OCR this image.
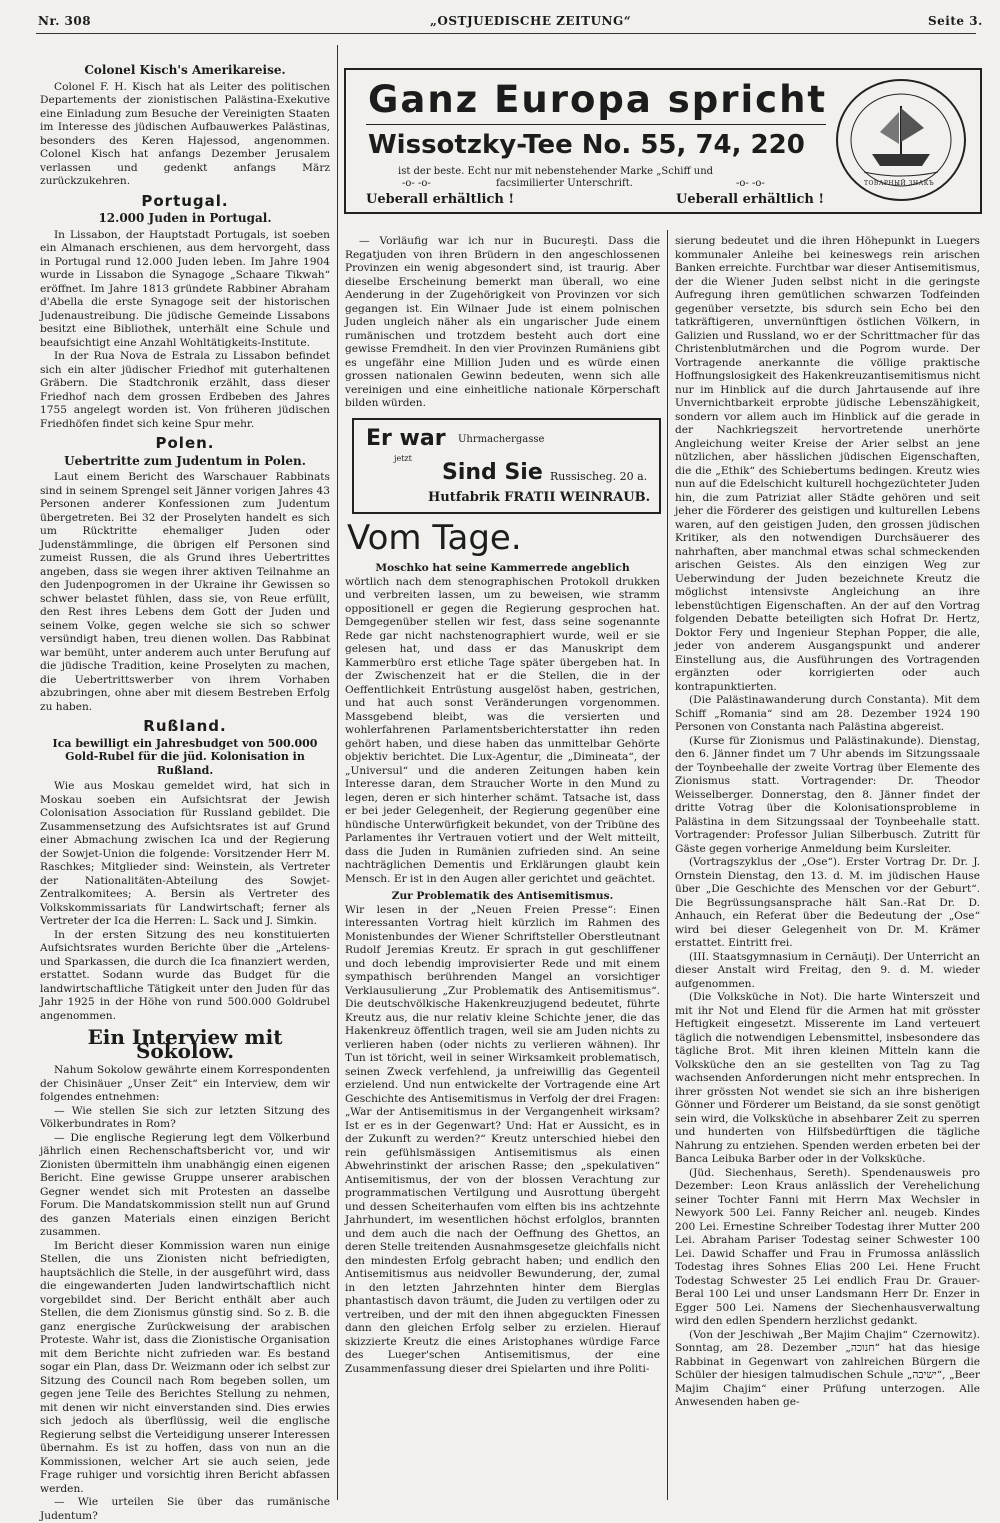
Nr. 308	„OSTJUEDISCHE ZEITUNG“	Seite 3.
Colonel Kisch's Amerikareise.

Colonel F. H. Kisch hat als Leiter des politischen Departements der zionistischen Palästina-Exekutive eine Einladung zum Besuche der Vereinigten Staaten im Interesse des jüdischen Aufbauwerkes Palästinas, besonders des Keren Hajessod, angenommen. Colonel Kisch hat anfangs Dezember Jerusalem verlassen und gedenkt anfangs März zurückzukehren.

Portugal.
12.000 Juden in Portugal.

In Lissabon, der Hauptstadt Portugals, ist soeben ein Almanach erschienen, aus dem hervorgeht, dass in Portugal rund 12.000 Juden leben. Im Jahre 1904 wurde in Lissabon die Synagoge „Schaare Tikwah“ eröffnet. Im Jahre 1813 gründete Rabbiner Abraham d'Abella die erste Synagoge seit der historischen Judenaustreibung. Die jüdische Gemeinde Lissabons besitzt eine Bibliothek, unterhält eine Schule und beaufsichtigt eine Anzahl Wohltätigkeits-Institute.

In der Rua Nova de Estrala zu Lissabon befindet sich ein alter jüdischer Friedhof mit guterhaltenen Gräbern. Die Stadtchronik erzählt, dass dieser Friedhof nach dem grossen Erdbeben des Jahres 1755 angelegt worden ist. Von früheren jüdischen Friedhöfen findet sich keine Spur mehr.

Polen.
Uebertritte zum Judentum in Polen.

Laut einem Bericht des Warschauer Rabbinats sind in seinem Sprengel seit Jänner vorigen Jahres 43 Personen anderer Konfessionen zum Judentum übergetreten. Bei 32 der Proselyten handelt es sich um Rücktritte ehemaliger Juden oder Judenstämmlinge, die übrigen elf Personen sind zumeist Russen, die als Grund ihres Uebertrittes angeben, dass sie wegen ihrer aktiven Teilnahme an den Judenpogromen in der Ukraine ihr Gewissen so schwer belastet fühlen, dass sie, von Reue erfüllt, den Rest ihres Lebens dem Gott der Juden und seinem Volke, gegen welche sie sich so schwer versündigt haben, treu dienen wollen. Das Rabbinat war bemüht, unter anderem auch unter Berufung auf die jüdische Tradition, keine Proselyten zu machen, die Uebertrittswerber von ihrem Vorhaben abzubringen, ohne aber mit diesem Bestreben Erfolg zu haben.

Rußland.
Ica bewilligt ein Jahresbudget von 500.000 Gold-Rubel für die jüd. Kolonisation in Rußland.

Wie aus Moskau gemeldet wird, hat sich in Moskau soeben ein Aufsichtsrat der Jewish Colonisation Association für Russland gebildet. Die Zusammensetzung des Aufsichtsrates ist auf Grund einer Abmachung zwischen Ica und der Regierung der Sowjet-Union die folgende: Vorsitzender Herr M. Raschkes; Mitglieder sind: Weinstein, als Vertreter der Nationalitäten-Abteilung des Sowjet-Zentralkomitees; A. Bersin als Vertreter des Volkskommissariats für Landwirtschaft; ferner als Vertreter der Ica die Herren: L. Sack und J. Simkin.

In der ersten Sitzung des neu konstituierten Aufsichtsrates wurden Berichte über die „Artelens- und Sparkassen, die durch die Ica finanziert werden, erstattet. Sodann wurde das Budget für die landwirtschaftliche Tätigkeit unter den Juden für das Jahr 1925 in der Höhe von rund 500.000 Goldrubel angenommen.

Ein Interview mit Sokolow.

Nahum Sokolow gewährte einem Korrespondenten der Chisinäuer „Unser Zeit“ ein Interview, dem wir folgendes entnehmen:

— Wie stellen Sie sich zur letzten Sitzung des Völkerbundrates in Rom?

— Die englische Regierung legt dem Völkerbund jährlich einen Rechenschaftsbericht vor, und wir Zionisten übermitteln ihm unabhängig einen eigenen Bericht. Eine gewisse Gruppe unserer arabischen Gegner wendet sich mit Protesten an dasselbe Forum. Die Mandatskommission stellt nun auf Grund des ganzen Materials einen einzigen Bericht zusammen.

Im Bericht dieser Kommission waren nun einige Stellen, die uns Zionisten nicht befriedigten, hauptsächlich die Stelle, in der ausgeführt wird, dass die eingewanderten Juden landwirtschaftlich nicht vorgebildet sind. Der Bericht enthält aber auch Stellen, die dem Zionismus günstig sind. So z. B. die ganz energische Zurückweisung der arabischen Proteste. Wahr ist, dass die Zionistische Organisation mit dem Berichte nicht zufrieden war. Es bestand sogar ein Plan, dass Dr. Weizmann oder ich selbst zur Sitzung des Council nach Rom begeben sollen, um gegen jene Teile des Berichtes Stellung zu nehmen, mit denen wir nicht einverstanden sind. Dies erwies sich jedoch als überflüssig, weil die englische Regierung selbst die Verteidigung unserer Interessen übernahm. Es ist zu hoffen, dass von nun an die Kommissionen, welcher Art sie auch seien, jede Frage ruhiger und vorsichtig ihren Bericht abfassen werden.

— Wie urteilen Sie über das rumänische Judentum?

Ganz Europa spricht
Wissotzky-Tee No. 55, 74, 220
ist der beste. Echt nur mit nebenstehender Marke „Schiff und
-o- -o-	facsimilierter Unterschrift.	-o- -o-
Ueberall erhältlich !	Ueberall erhältlich !
ТОВАРНЫЙ ЗНАКЪ

— Vorläufig war ich nur in Bucureşti. Dass die Regatjuden von ihren Brüdern in den angeschlossenen Provinzen ein wenig abgesondert sind, ist traurig. Aber dieselbe Erscheinung bemerkt man überall, wo eine Aenderung in der Zugehörigkeit von Provinzen vor sich gegangen ist. Ein Wilnaer Jude ist einem polnischen Juden ungleich näher als ein ungarischer Jude einem rumänischen und trotzdem besteht auch dort eine gewisse Fremdheit. In den vier Provinzen Rumäniens gibt es ungefähr eine Million Juden und es würde einen grossen nationalen Gewinn bedeuten, wenn sich alle vereinigen und eine einheitliche nationale Körperschaft bilden würden.

Er war Uhrmachergasse
jetzt
Sind Sie Russischeg. 20 a.
Hutfabrik FRATII WEINRAUB.
Vom Tage.

Moschko hat seine Kammerrede angeblich

wörtlich nach dem stenographischen Protokoll drukken und verbreiten lassen, um zu beweisen, wie stramm oppositionell er gegen die Regierung gesprochen hat. Demgegenüber stellen wir fest, dass seine sogenannte Rede gar nicht nachstenographiert wurde, weil er sie gelesen hat, und dass er das Manuskript dem Kammerbüro erst etliche Tage später übergeben hat. In der Zwischenzeit hat er die Stellen, die in der Oeffentlichkeit Entrüstung ausgelöst haben, gestrichen, und hat auch sonst Veränderungen vorgenommen. Massgebend bleibt, was die versierten und wohlerfahrenen Parlamentsberichterstatter ihn reden gehört haben, und diese haben das unmittelbar Gehörte objektiv berichtet. Die Lux-Agentur, die „Dimineata“, der „Universul“ und die anderen Zeitungen haben kein Interesse daran, dem Straucher Worte in den Mund zu legen, deren er sich hinterher schämt. Tatsache ist, dass er bei jeder Gelegenheit, der Regierung gegenüber eine hündische Unterwürfigkeit bekundet, von der Tribüne des Parlamentes ihr Vertrauen votiert und der Welt mitteilt, dass die Juden in Rumänien zufrieden sind. An seine nachträglichen Dementis und Erklärungen glaubt kein Mensch. Er ist in den Augen aller gerichtet und geächtet.

Zur Problematik des Antisemitismus.

Wir lesen in der „Neuen Freien Presse“: Einen interessanten Vortrag hielt kürzlich im Rahmen des Monistenbundes der Wiener Schriftsteller Oberstleutnant Rudolf Jeremias Kreutz. Er sprach in gut geschliffener und doch lebendig improvisierter Rede und mit einem sympathisch berührenden Mangel an vorsichtiger Verklausulierung „Zur Problematik des Antisemitismus“. Die deutschvölkische Hakenkreuzjugend bedeutet, führte Kreutz aus, die nur relativ kleine Schichte jener, die das Hakenkreuz öffentlich tragen, weil sie am Juden nichts zu verlieren haben (oder nichts zu verlieren wähnen). Ihr Tun ist töricht, weil in seiner Wirksamkeit problematisch, seinen Zweck verfehlend, ja unfreiwillig das Gegenteil erzielend. Und nun entwickelte der Vortragende eine Art Geschichte des Antisemitismus in Verfolg der drei Fragen: „War der Antisemitismus in der Vergangenheit wirksam? Ist er es in der Gegenwart? Und: Hat er Aussicht, es in der Zukunft zu werden?“ Kreutz unterschied hiebei den rein gefühlsmässigen Antisemitismus als einen Abwehrinstinkt der arischen Rasse; den „spekulativen“ Antisemitismus, der von der blossen Verachtung zur programmatischen Vertilgung und Ausrottung übergeht und dessen Scheiterhaufen vom elften bis ins achtzehnte Jahrhundert, im wesentlichen höchst erfolglos, brannten und dem auch die nach der Oeffnung des Ghettos, an deren Stelle treitenden Ausnahmsgesetze gleichfalls nicht den mindesten Erfolg gebracht haben; und endlich den Antisemitismus aus neidvoller Bewunderung, der, zumal in den letzten Jahrzehnten hinter dem Bierglas phantastisch davon träumt, die Juden zu vertilgen oder zu vertreiben, und der mit den ihnen abgeguckten Finessen dann den gleichen Erfolg selber zu erzielen. Hierauf skizzierte Kreutz die eines Aristophanes würdige Farce des Lueger'schen Antisemitismus, der eine Zusammenfassung dieser drei Spielarten und ihre Politi-

sierung bedeutet und die ihren Höhepunkt in Luegers kommunaler Anleihe bei keineswegs rein arischen Banken erreichte. Furchtbar war dieser Antisemitismus, der die Wiener Juden selbst nicht in die geringste Aufregung ihren gemütlichen schwarzen Todfeinden gegenüber versetzte, bis sdurch sein Echo bei den tatkräftigeren, unvernünftigen östlichen Völkern, in Galizien und Russland, wo er der Schrittmacher für das Christenblutmärchen und die Pogrom wurde. Der Vortragende anerkannte die völlige praktische Hoffnungslosigkeit des Hakenkreuzantisemitismus nicht nur im Hinblick auf die durch Jahrtausende auf ihre Unvernichtbarkeit erprobte jüdische Lebenszähigkeit, sondern vor allem auch im Hinblick auf die gerade in der Nachkriegszeit hervortretende unerhörte Angleichung weiter Kreise der Arier selbst an jene nützlichen, aber hässlichen jüdischen Eigenschaften, die die „Ethik“ des Schiebertums bedingen. Kreutz wies nun auf die Edelschicht kulturell hochgezüchteter Juden hin, die zum Patriziat aller Städte gehören und seit jeher die Förderer des geistigen und kulturellen Lebens waren, auf den geistigen Juden, den grossen jüdischen Kritiker, als den notwendigen Durchsäuerer des nahrhaften, aber manchmal etwas schal schmeckenden arischen Geistes. Als den einzigen Weg zur Ueberwindung der Juden bezeichnete Kreutz die möglichst intensivste Angleichung an ihre lebenstüchtigen Eigenschaften. An der auf den Vortrag folgenden Debatte beteiligten sich Hofrat Dr. Hertz, Doktor Fery und Ingenieur Stephan Popper, die alle, jeder von anderem Ausgangspunkt und anderer Einstellung aus, die Ausführungen des Vortragenden ergänzten oder korrigierten oder auch kontrapunktierten.

(Die Palästinawanderung durch Constanta). Mit dem Schiff „Romania“ sind am 28. Dezember 1924 190 Personen von Constanta nach Palästina abgereist.

(Kurse für Zionismus und Palästinakunde). Dienstag, den 6. Jänner findet um 7 Uhr abends im Sitzungssaale der Toynbeehalle der zweite Vortrag über Elemente des Zionismus statt. Vortragender: Dr. Theodor Weisselberger. Donnerstag, den 8. Jänner findet der dritte Votrag über die Kolonisationsprobleme in Palästina in dem Sitzungssaal der Toynbeehalle statt. Vortragender: Professor Julian Silberbusch. Zutritt für Gäste gegen vorherige Anmeldung beim Kursleiter.

(Vortragszyklus der „Ose“). Erster Vortrag Dr. Dr. J. Ornstein Dienstag, den 13. d. M. im jüdischen Hause über „Die Geschichte des Menschen vor der Geburt“. Die Begrüssungsansprache hält San.-Rat Dr. D. Anhauch, ein Referat über die Bedeutung der „Ose“ wird bei dieser Gelegenheit von Dr. M. Krämer erstattet. Eintritt frei.

(III. Staatsgymnasium in Cernăuţi). Der Unterricht an dieser Anstalt wird Freitag, den 9. d. M. wieder aufgenommen.

(Die Volksküche in Not). Die harte Winterszeit und mit ihr Not und Elend für die Armen hat mit grösster Heftigkeit eingesetzt. Misserente im Land verteuert täglich die notwendigen Lebensmittel, insbesondere das tägliche Brot. Mit ihren kleinen Mitteln kann die Volksküche den an sie gestellten von Tag zu Tag wachsenden Anforderungen nicht mehr entsprechen. In ihrer grössten Not wendet sie sich an ihre bisherigen Gönner und Förderer um Beistand, da sie sonst genötigt sein wird, die Volksküche in absehbarer Zeit zu sperren und hunderten von Hilfsbedürftigen die tägliche Nahrung zu entziehen. Spenden werden erbeten bei der Banca Leibuka Barber oder in der Volksküche.

(Jüd. Siechenhaus, Sereth). Spendenausweis pro Dezember: Leon Kraus anlässlich der Verehelichung seiner Tochter Fanni mit Herrn Max Wechsler in Newyork 500 Lei. Fanny Reicher anl. neugeb. Kindes 200 Lei. Ernestine Schreiber Todestag ihrer Mutter 200 Lei. Abraham Pariser Todestag seiner Schwester 100 Lei. Dawid Schaffer und Frau in Frumossa anlässlich Todestag ihres Sohnes Elias 200 Lei. Hene Frucht Todestag Schwester 25 Lei endlich Frau Dr. Grauer-Beral 100 Lei und unser Landsmann Herr Dr. Enzer in Egger 500 Lei. Namens der Siechenhausverwaltung wird den edlen Spendern herzlichst gedankt.

(Von der Jeschiwah „Ber Majim Chajim“ Czernowitz). Sonntag, am 28. Dezember „חנוכה“ hat das hiesige Rabbinat in Gegenwart von zahlreichen Bürgern die Schüler der hiesigen talmudischen Schule „ישיבה“, „Beer Majim Chajim“ einer Prüfung unterzogen. Alle Anwesenden haben ge-
